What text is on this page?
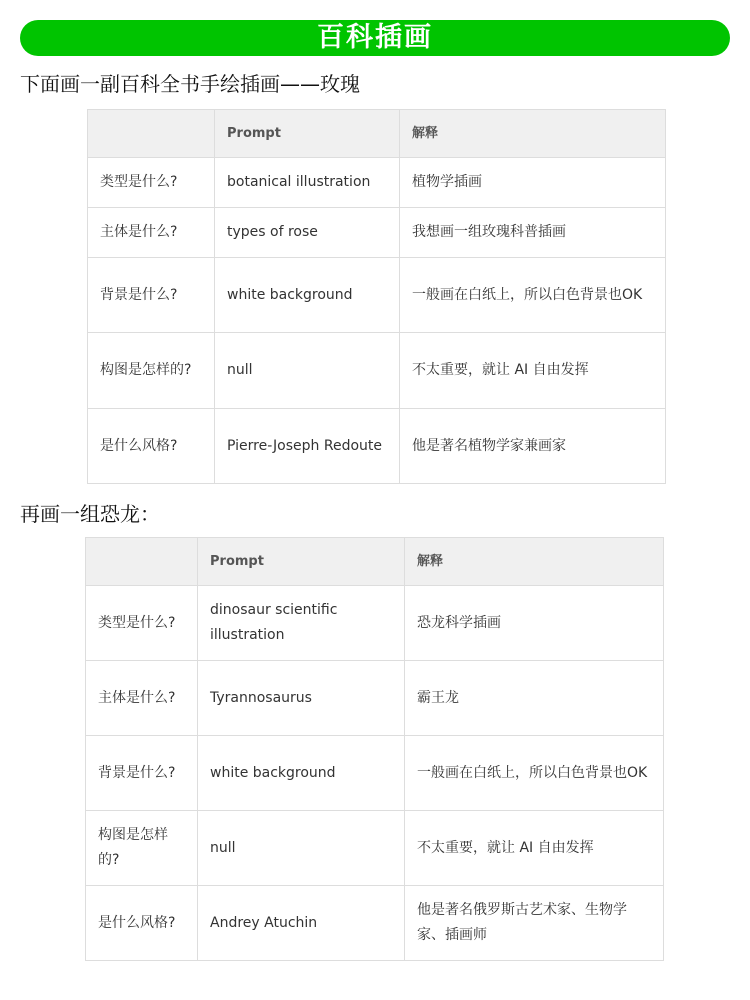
百科插画
下面画一副百科全书手绘插画——玫瑰
	Prompt	解释
类型是什么?	botanical illustration	植物学插画
主体是什么?	types of rose	我想画一组玫瑰科普插画
背景是什么?	white background	一般画在白纸上，所以白色背景也OK
构图是怎样的?	null	不太重要，就让 AI 自由发挥
是什么风格?	Pierre-Joseph Redoute	他是著名植物学家兼画家
再画一组恐龙：
	Prompt	解释
类型是什么?	dinosaur scientific illustration	恐龙科学插画
主体是什么?	Tyrannosaurus	霸王龙
背景是什么?	white background	一般画在白纸上，所以白色背景也OK
构图是怎样的?	null	不太重要，就让 AI 自由发挥
是什么风格?	Andrey Atuchin	他是著名俄罗斯古艺术家、生物学家、插画师
